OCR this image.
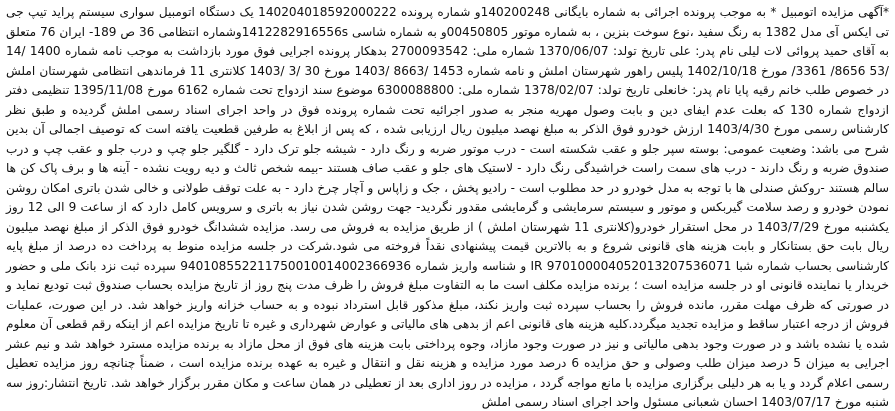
*آگهی مزایده اتومبیل * به موجب پرونده اجرائی به شماره بایگانی 140200248و شماره پرونده 140204018592000222 یک دستگاه اتومبیل سواری سیستم پراید تیپ جی تی ایکس آی مدل 1382 به رنگ سفید ،نوع سوخت بنزین ، به شماره موتور 00450805و به شماره شاسی 1412282916556sوشماره انتظامی 36 ص 189- ایران 76 متعلق به آقای حمید پروائی لات لیلی نام پدر: علی تاریخ تولد: 1370/06/07 شماره ملی: 2700093542 بدهکار پرونده اجرایی فوق مورد بازداشت به موجب نامه شماره 1400 /14 /53 8656/ 3361/ مورخ 1402/10/18 پلیس راهور شهرستان املش و نامه شماره 1453 /8663 /1403 مورخ 30 /3 /1403 کلانتری 11 فرماندهی انتظامی شهرستان املش در خصوص طلب خانم رقیه پایا نام پدر: خانعلی تاریخ تولد: 1378/02/07 شماره ملی: 6300088800 موضوع سند ازدواج تحت شماره 6162 مورخ 1395/11/08 تنظیمی دفتر ازدواج شماره 130 که بعلت عدم ایفای دین و بابت وصول مهریه منجر به صدور اجرائیه تحت شماره پرونده فوق در واحد اجرای اسناد رسمی املش گردیده و طبق نظر کارشناس رسمی مورخ 1403/4/30 ارزش خودرو فوق الذکر به مبلغ نهصد میلیون ریال ارزیابی شده ، که پس از ابلاغ به طرفین قطعیت یافته است که توصیف اجمالی آن بدین شرح می باشد: وضعیت عمومی: بوسته سپر جلو و عقب شکسته است - درب موتور ضربه و رنگ دارد - شیشه جلو ترک دارد - گلگیر جلو چپ و درب جلو و عقب چپ و درب صندوق ضربه و رنگ دارند - درب های سمت راست خراشیدگی رنگ دارد - لاستیک های جلو و عقب صاف هستند -بیمه شخص ثالث و دیه رویت نشده - آینه ها و برف پاک کن ها سالم هستند -روکش صندلی ها با توجه به مدل خودرو در حد مطلوب است - رادیو پخش ، جک و زاپاس و آچار چرخ دارد - به علت توقف طولانی و خالی شدن باتری امکان روشن نمودن خودرو و رصد سلامت گیربکس و موتور و سیستم سرمایشی و گرمایشی مقدور نگردید- جهت روشن شدن نیاز به باتری و سرویس کامل دارد که از ساعت 9 الی 12 روز یکشنبه مورخ 1403/7/29 در محل استقرار خودرو(کلانتری 11 شهرستان املش ) از طریق مزایده به فروش می رسد. مزایده ششدانگ خودرو فوق الذکر از مبلغ نهصد میلیون ریال بابت حق بستانکار و بابت هزینه های قانونی شروع و به بالاترین قیمت پیشنهادی نقداً فروخته می شود.شرکت در جلسه مزایده منوط به پرداخت ده درصد از مبلغ پایه کارشناسی بحساب شماره شبا IR 970100004052013207536071 و شناسه واریز شماره 940108552211750010014002366936 سپرده ثبت نزد بانک ملی و حضور خریدار یا نماینده قانونی او در جلسه مزایده است ؛ برنده مزایده مکلف است ما به التفاوت مبلغ فروش را ظرف مدت پنج روز از تاریخ مزایده بحساب صندوق ثبت تودیع نماید و در صورتی که ظرف مهلت مقرر، مانده فروش را بحساب سپرده ثبت واریز نکند، مبلغ مذکور قابل استرداد نبوده و به حساب خزانه واریز خواهد شد. در این صورت، عملیات فروش از درجه اعتبار ساقط و مزایده تجدید میگردد.کلیه هزینه های قانونی اعم از بدهی های مالیاتی و عوارض شهرداری و غیره تا تاریخ مزایده اعم از اینکه رقم قطعی آن معلوم شده یا نشده باشد و در صورت وجود بدهی مالیاتی و نیز در صورت وجود مازاد، وجوه پرداختی بابت هزینه های فوق از محل مازاد به برنده مزایده مسترد خواهد شد و نیم عشر اجرایی به میزان 5 درصد میزان طلب وصولی و حق مزایده 6 درصد مورد مزایده و هزینه نقل و انتقال و غیره به عهده برنده مزایده است ، ضمناً چنانچه روز مزایده تعطیل رسمی اعلام گردد و یا به هر دلیلی برگزاری مزایده با مانع مواجه گردد ، مزایده در روز اداری بعد از تعطیلی در همان ساعت و مکان مقرر برگزار خواهد شد. تاریخ انتشار:روز سه شنبه مورخ 1403/07/17 احسان شعبانی مسئول واحد اجرای اسناد رسمی املش
